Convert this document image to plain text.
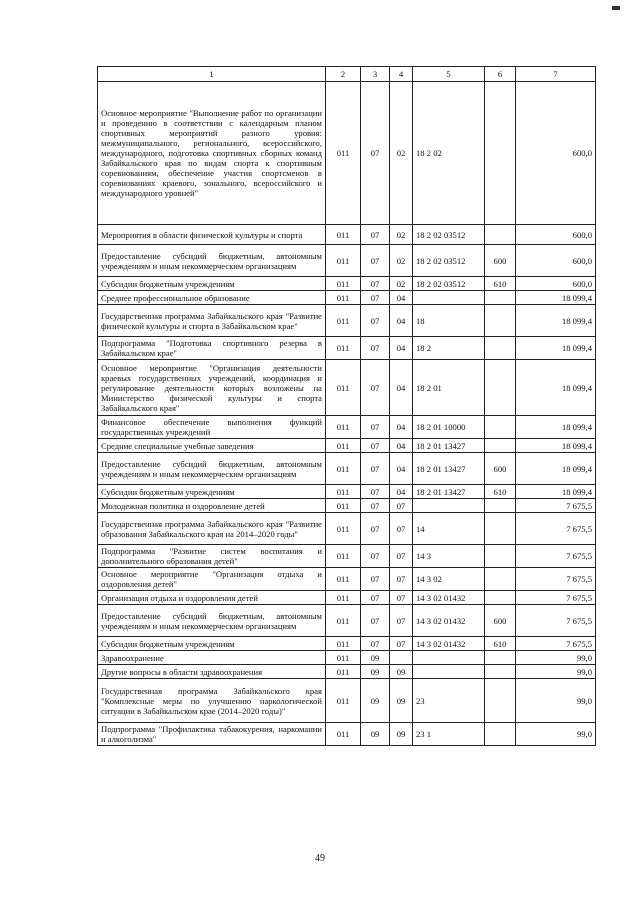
1	2	3	4	5	6	7
Основное мероприятие "Выполнение работ по организации и проведению в соответствии с календарным планом спортивных мероприятий разного уровня: межмуниципального, регионального, всероссийского, международного, подготовка спортивных сборных команд Забайкальского края по видам спорта к спортивным соревнованиям, обеспечение участия спортсменов в соревнованиях краевого, зонального, всероссийского и международного уровней"	011	07	02	18 2 02		600,0
Мероприятия в области физической культуры и спорта	011	07	02	18 2 02 03512		600,0
Предоставление субсидий бюджетным, автономным учреждениям и иным некоммерческим организациям	011	07	02	18 2 02 03512	600	600,0
Субсидии бюджетным учреждениям	011	07	02	18 2 02 03512	610	600,0
Среднее профессиональное образование	011	07	04			18 099,4
Государственная программа Забайкальского края "Развитие физической культуры и спорта в Забайкальском крае"	011	07	04	18		18 099,4
Подпрограмма "Подготовка спортивного резерва в Забайкальском крае"	011	07	04	18 2		18 099,4
Основное мероприятие "Организация деятельности краевых государственных учреждений, координация и регулирование деятельности которых возложены на Министерство физической культуры и спорта Забайкальского края"	011	07	04	18 2 01		18 099,4
Финансовое обеспечение выполнения функций государственных учреждений	011	07	04	18 2 01 10000		18 099,4
Средние специальные учебные заведения	011	07	04	18 2 01 13427		18 099,4
Предоставление субсидий бюджетным, автономным учреждениям и иным некоммерческим организациям	011	07	04	18 2 01 13427	600	18 099,4
Субсидии бюджетным учреждениям	011	07	04	18 2 01 13427	610	18 099,4
Молодежная политика и оздоровление детей	011	07	07			7 675,5
Государственная программа Забайкальского края "Развитие образования Забайкальского края на 2014–2020 годы"	011	07	07	14		7 675,5
Подпрограмма "Развитие систем воспитания и дополнительного образования детей"	011	07	07	14 3		7 675,5
Основное мероприятие "Организация отдыха и оздоровления детей"	011	07	07	14 3 02		7 675,5
Организация отдыха и оздоровления детей	011	07	07	14 3 02 01432		7 675,5
Предоставление субсидий бюджетным, автономным учреждениям и иным некоммерческим организациям	011	07	07	14 3 02 01432	600	7 675,5
Субсидии бюджетным учреждениям	011	07	07	14 3 02 01432	610	7 675,5
Здравоохранение	011	09				99,0
Другие вопросы в области здравоохранения	011	09	09			99,0
Государственная программа Забайкальского края "Комплексные меры по улучшению наркологической ситуации в Забайкальском крае (2014–2020 годы)"	011	09	09	23		99,0
Подпрограмма "Профилактика табакокурения, наркомании и алкоголизма"	011	09	09	23 1		99,0
49
